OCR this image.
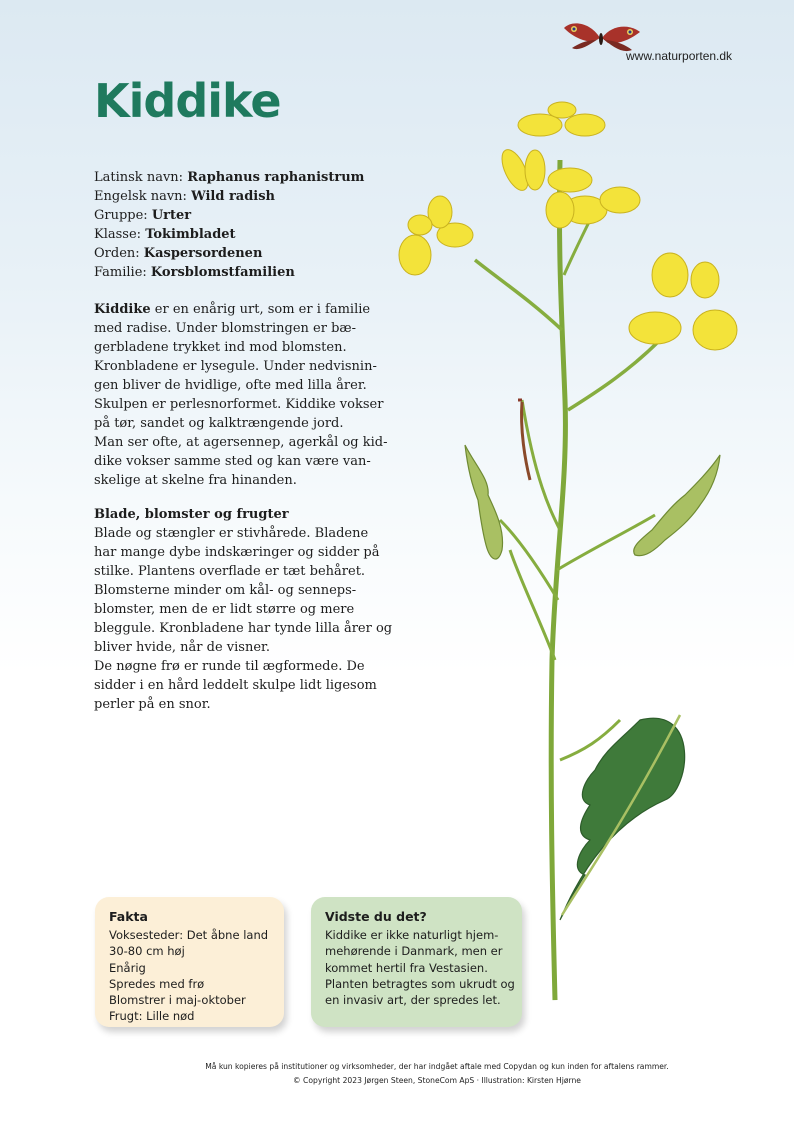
www.naturporten.dk
Kiddike
Latinsk navn: Raphanus raphanistrum
Engelsk navn: Wild radish
Gruppe: Urter
Klasse: Tokimbladet
Orden: Kaspersordenen
Familie: Korsblomstfamilien
Kiddike er en enårig urt, som er i familie
med radise. Under blomstringen er bæ-
gerbladene trykket ind mod blomsten.
Kronbladene er lysegule. Under nedvisnin-
gen bliver de hvidlige, ofte med lilla årer.
Skulpen er perlesnorformet. Kiddike vokser
på tør, sandet og kalktrængende jord.
Man ser ofte, at agersennep, agerkål og kid-
dike vokser samme sted og kan være van-
skelige at skelne fra hinanden.
Blade, blomster og frugter
Blade og stængler er stivhårede. Bladene
har mange dybe indskæringer og sidder på
stilke. Plantens overflade er tæt behåret.
Blomsterne minder om kål- og senneps-
blomster, men de er lidt større og mere
bleggule. Kronbladene har tynde lilla årer og
bliver hvide, når de visner.
De nøgne frø er runde til ægformede. De
sidder i en hård leddelt skulpe lidt ligesom
perler på en snor.
Fakta
Voksesteder: Det åbne land
30-80 cm høj
Enårig
Spredes med frø
Blomstrer i maj-oktober
Frugt: Lille nød
Vidste du det?
Kiddike er ikke naturligt hjem-
mehørende i Danmark, men er
kommet hertil fra Vestasien.
Planten betragtes som ukrudt og
en invasiv art, der spredes let.
Må kun kopieres på institutioner og virksomheder, der har indgået aftale med Copydan og kun inden for aftalens rammer.
© Copyright 2023 Jørgen Steen, StoneCom ApS · Illustration: Kirsten Hjørne
